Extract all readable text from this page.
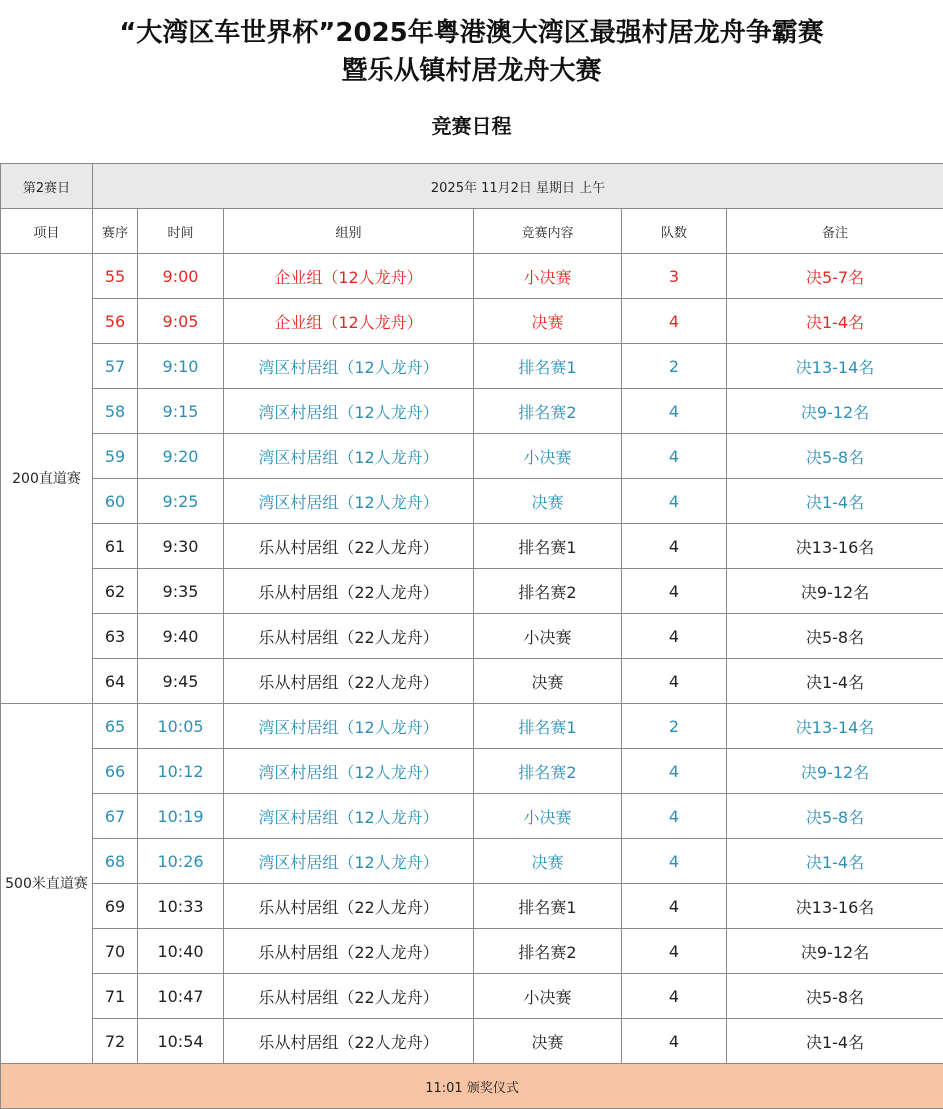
“大湾区车世界杯”2025年粤港澳大湾区最强村居龙舟争霸赛
暨乐从镇村居龙舟大赛
竞赛日程
第2赛日	2025年 11月2日 星期日 上午					
项目	赛序	时间	组别	竞赛内容	队数	备注
200直道赛	55	9:00	企业组（12人龙舟）	小决赛	3	决5-7名
	56	9:05	企业组（12人龙舟）	决赛	4	决1-4名
	57	9:10	湾区村居组（12人龙舟）	排名赛1	2	决13-14名
	58	9:15	湾区村居组（12人龙舟）	排名赛2	4	决9-12名
	59	9:20	湾区村居组（12人龙舟）	小决赛	4	决5-8名
	60	9:25	湾区村居组（12人龙舟）	决赛	4	决1-4名
	61	9:30	乐从村居组（22人龙舟）	排名赛1	4	决13-16名
	62	9:35	乐从村居组（22人龙舟）	排名赛2	4	决9-12名
	63	9:40	乐从村居组（22人龙舟）	小决赛	4	决5-8名
	64	9:45	乐从村居组（22人龙舟）	决赛	4	决1-4名
500米直道赛	65	10:05	湾区村居组（12人龙舟）	排名赛1	2	决13-14名
	66	10:12	湾区村居组（12人龙舟）	排名赛2	4	决9-12名
	67	10:19	湾区村居组（12人龙舟）	小决赛	4	决5-8名
	68	10:26	湾区村居组（12人龙舟）	决赛	4	决1-4名
	69	10:33	乐从村居组（22人龙舟）	排名赛1	4	决13-16名
	70	10:40	乐从村居组（22人龙舟）	排名赛2	4	决9-12名
	71	10:47	乐从村居组（22人龙舟）	小决赛	4	决5-8名
	72	10:54	乐从村居组（22人龙舟）	决赛	4	决1-4名
11:01 颁奖仪式						
